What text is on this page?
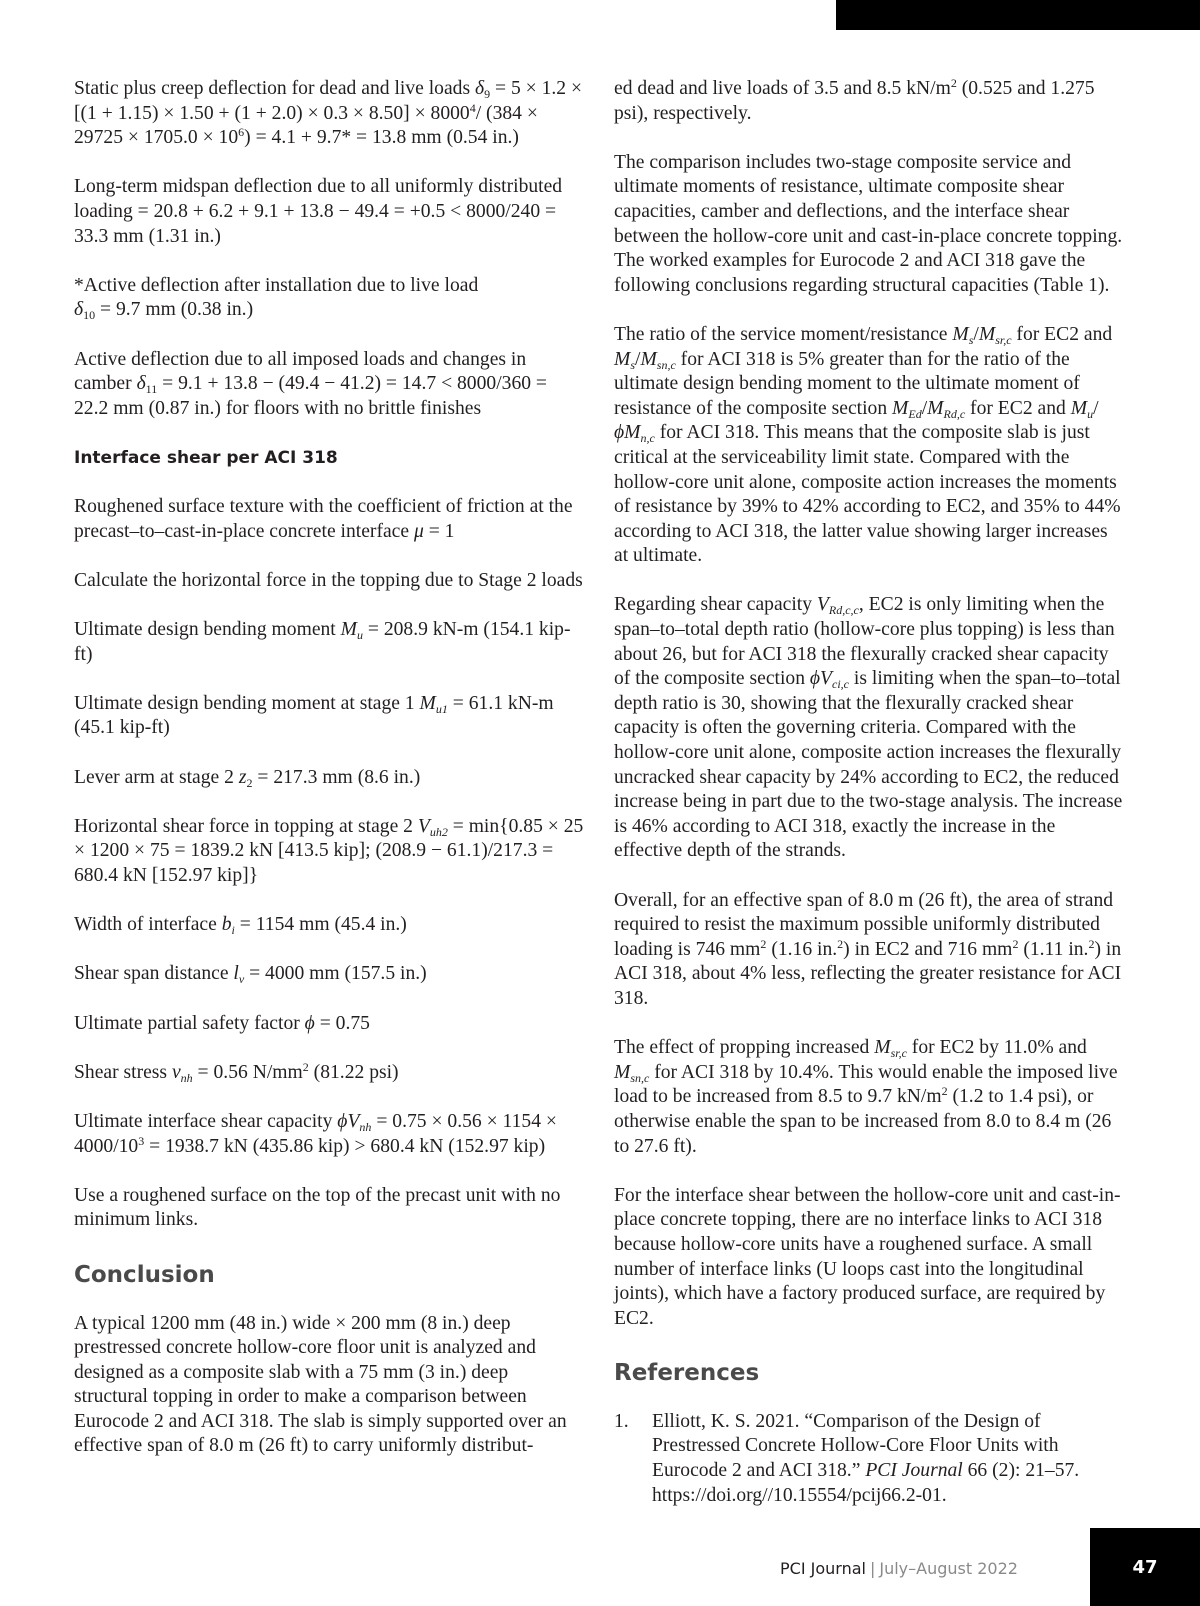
Static plus creep deflection for dead and live loads $\delta_9 = 5 \times 1.2 \times [(1 + 1.15) \times 1.50 + (1 + 2.0) \times 0.3 \times 8.50] \times 8000^4/$ $(384 \times 29725 \times 1705.0 \times 10^6) = 4.1 + 9.7* = 13.8$ mm (0.54 in.)

Long-term midspan deflection due to all uniformly distributed loading = 20.8 + 6.2 + 9.1 + 13.8 − 49.4 = +0.5 < 8000/240 = 33.3 mm (1.31 in.)

*Active deflection after installation due to live load
$\delta_{10} = 9.7$ mm (0.38 in.)

Active deflection due to all imposed loads and changes in camber $\delta_{11} = 9.1 + 13.8 - (49.4 - 41.2) = 14.7 < 8000/360 = 22.2$ mm (0.87 in.) for floors with no brittle finishes

Interface shear per ACI 318

Roughened surface texture with the coefficient of friction at the precast–to–cast-in-place concrete interface μ = 1

Calculate the horizontal force in the topping due to Stage 2 loads

Ultimate design bending moment $M_u = 208.9$ kN-m (154.1 kip-ft)

Ultimate design bending moment at stage 1 $M_{u1} = 61.1$ kN-m (45.1 kip-ft)

Lever arm at stage 2 $z_2 = 217.3$ mm (8.6 in.)

Horizontal shear force in topping at stage 2 $V_{uh2} = \min\{0.85 \times 25 \times 1200 \times 75 = 1839.2$ kN [413.5 kip]; (208.9 − 61.1)/217.3 = 680.4 kN [152.97 kip]}

Width of interface $b_i = 1154$ mm (45.4 in.)

Shear span distance $l_v = 4000$ mm (157.5 in.)

Ultimate partial safety factor ϕ = 0.75

Shear stress $v_{nh} = 0.56$ $N/mm^2$ (81.22 psi)

Ultimate interface shear capacity $\phi V_{nh} = 0.75 \times 0.56 \times 1154 \times 4000/10^3 = 1938.7$ kN (435.86 kip) > 680.4 kN (152.97 kip)

Use a roughened surface on the top of the precast unit with no minimum links.

Conclusion

A typical 1200 mm (48 in.) wide × 200 mm (8 in.) deep prestressed concrete hollow-core floor unit is analyzed and designed as a composite slab with a 75 mm (3 in.) deep structural topping in order to make a comparison between Eurocode 2 and ACI 318. The slab is simply supported over an effective span of 8.0 m (26 ft) to carry uniformly distribut-

ed dead and live loads of 3.5 and 8.5 $kN/m^2$ (0.525 and 1.275 psi), respectively.

The comparison includes two-stage composite service and ultimate moments of resistance, ultimate composite shear capacities, camber and deflections, and the interface shear between the hollow-core unit and cast-in-place concrete topping. The worked examples for Eurocode 2 and ACI 318 gave the following conclusions regarding structural capacities (Table 1).

The ratio of the service moment/resistance $M_s/M_{sr,c}$ for EC2 and $M_s/M_{sn,c}$ for ACI 318 is 5% greater than for the ratio of the ultimate design bending moment to the ultimate moment of resistance of the composite section $M_{Ed}/M_{Rd,c}$ for EC2 and $M_u/\phi M_{n,c}$ for ACI 318. This means that the composite slab is just critical at the serviceability limit state. Compared with the hollow-core unit alone, composite action increases the moments of resistance by 39% to 42% according to EC2, and 35% to 44% according to ACI 318, the latter value showing larger increases at ultimate.

Regarding shear capacity $V_{Rd,c,c}$, EC2 is only limiting when the span–to–total depth ratio (hollow-core plus topping) is less than about 26, but for ACI 318 the flexurally cracked shear capacity of the composite section $\phi V_{ci,c}$ is limiting when the span–to–total depth ratio is 30, showing that the flexurally cracked shear capacity is often the governing criteria. Compared with the hollow-core unit alone, composite action increases the flexurally uncracked shear capacity by 24% according to EC2, the reduced increase being in part due to the two-stage analysis. The increase is 46% according to ACI 318, exactly the increase in the effective depth of the strands.

Overall, for an effective span of 8.0 m (26 ft), the area of strand required to resist the maximum possible uniformly distributed loading is 746 $mm^2$ (1.16 in.$^2$) in EC2 and 716 $mm^2$ (1.11 in.$^2$) in ACI 318, about 4% less, reflecting the greater resistance for ACI 318.

The effect of propping increased $M_{sr,c}$ for EC2 by 11.0% and $M_{sn,c}$ for ACI 318 by 10.4%. This would enable the imposed live load to be increased from 8.5 to 9.7 $kN/m^2$ (1.2 to 1.4 psi), or otherwise enable the span to be increased from 8.0 to 8.4 m (26 to 27.6 ft).

For the interface shear between the hollow-core unit and cast-in-place concrete topping, there are no interface links to ACI 318 because hollow-core units have a roughened surface. A small number of interface links (U loops cast into the longitudinal joints), which have a factory produced surface, are required by EC2.

References
1.	Elliott, K. S. 2021. “Comparison of the Design of Prestressed Concrete Hollow-Core Floor Units with Eurocode 2 and ACI 318.” PCI Journal 66 (2): 21–57. https://doi.org//10.15554/pcij66.2-01.
PCI Journal | July–August 2022	47
